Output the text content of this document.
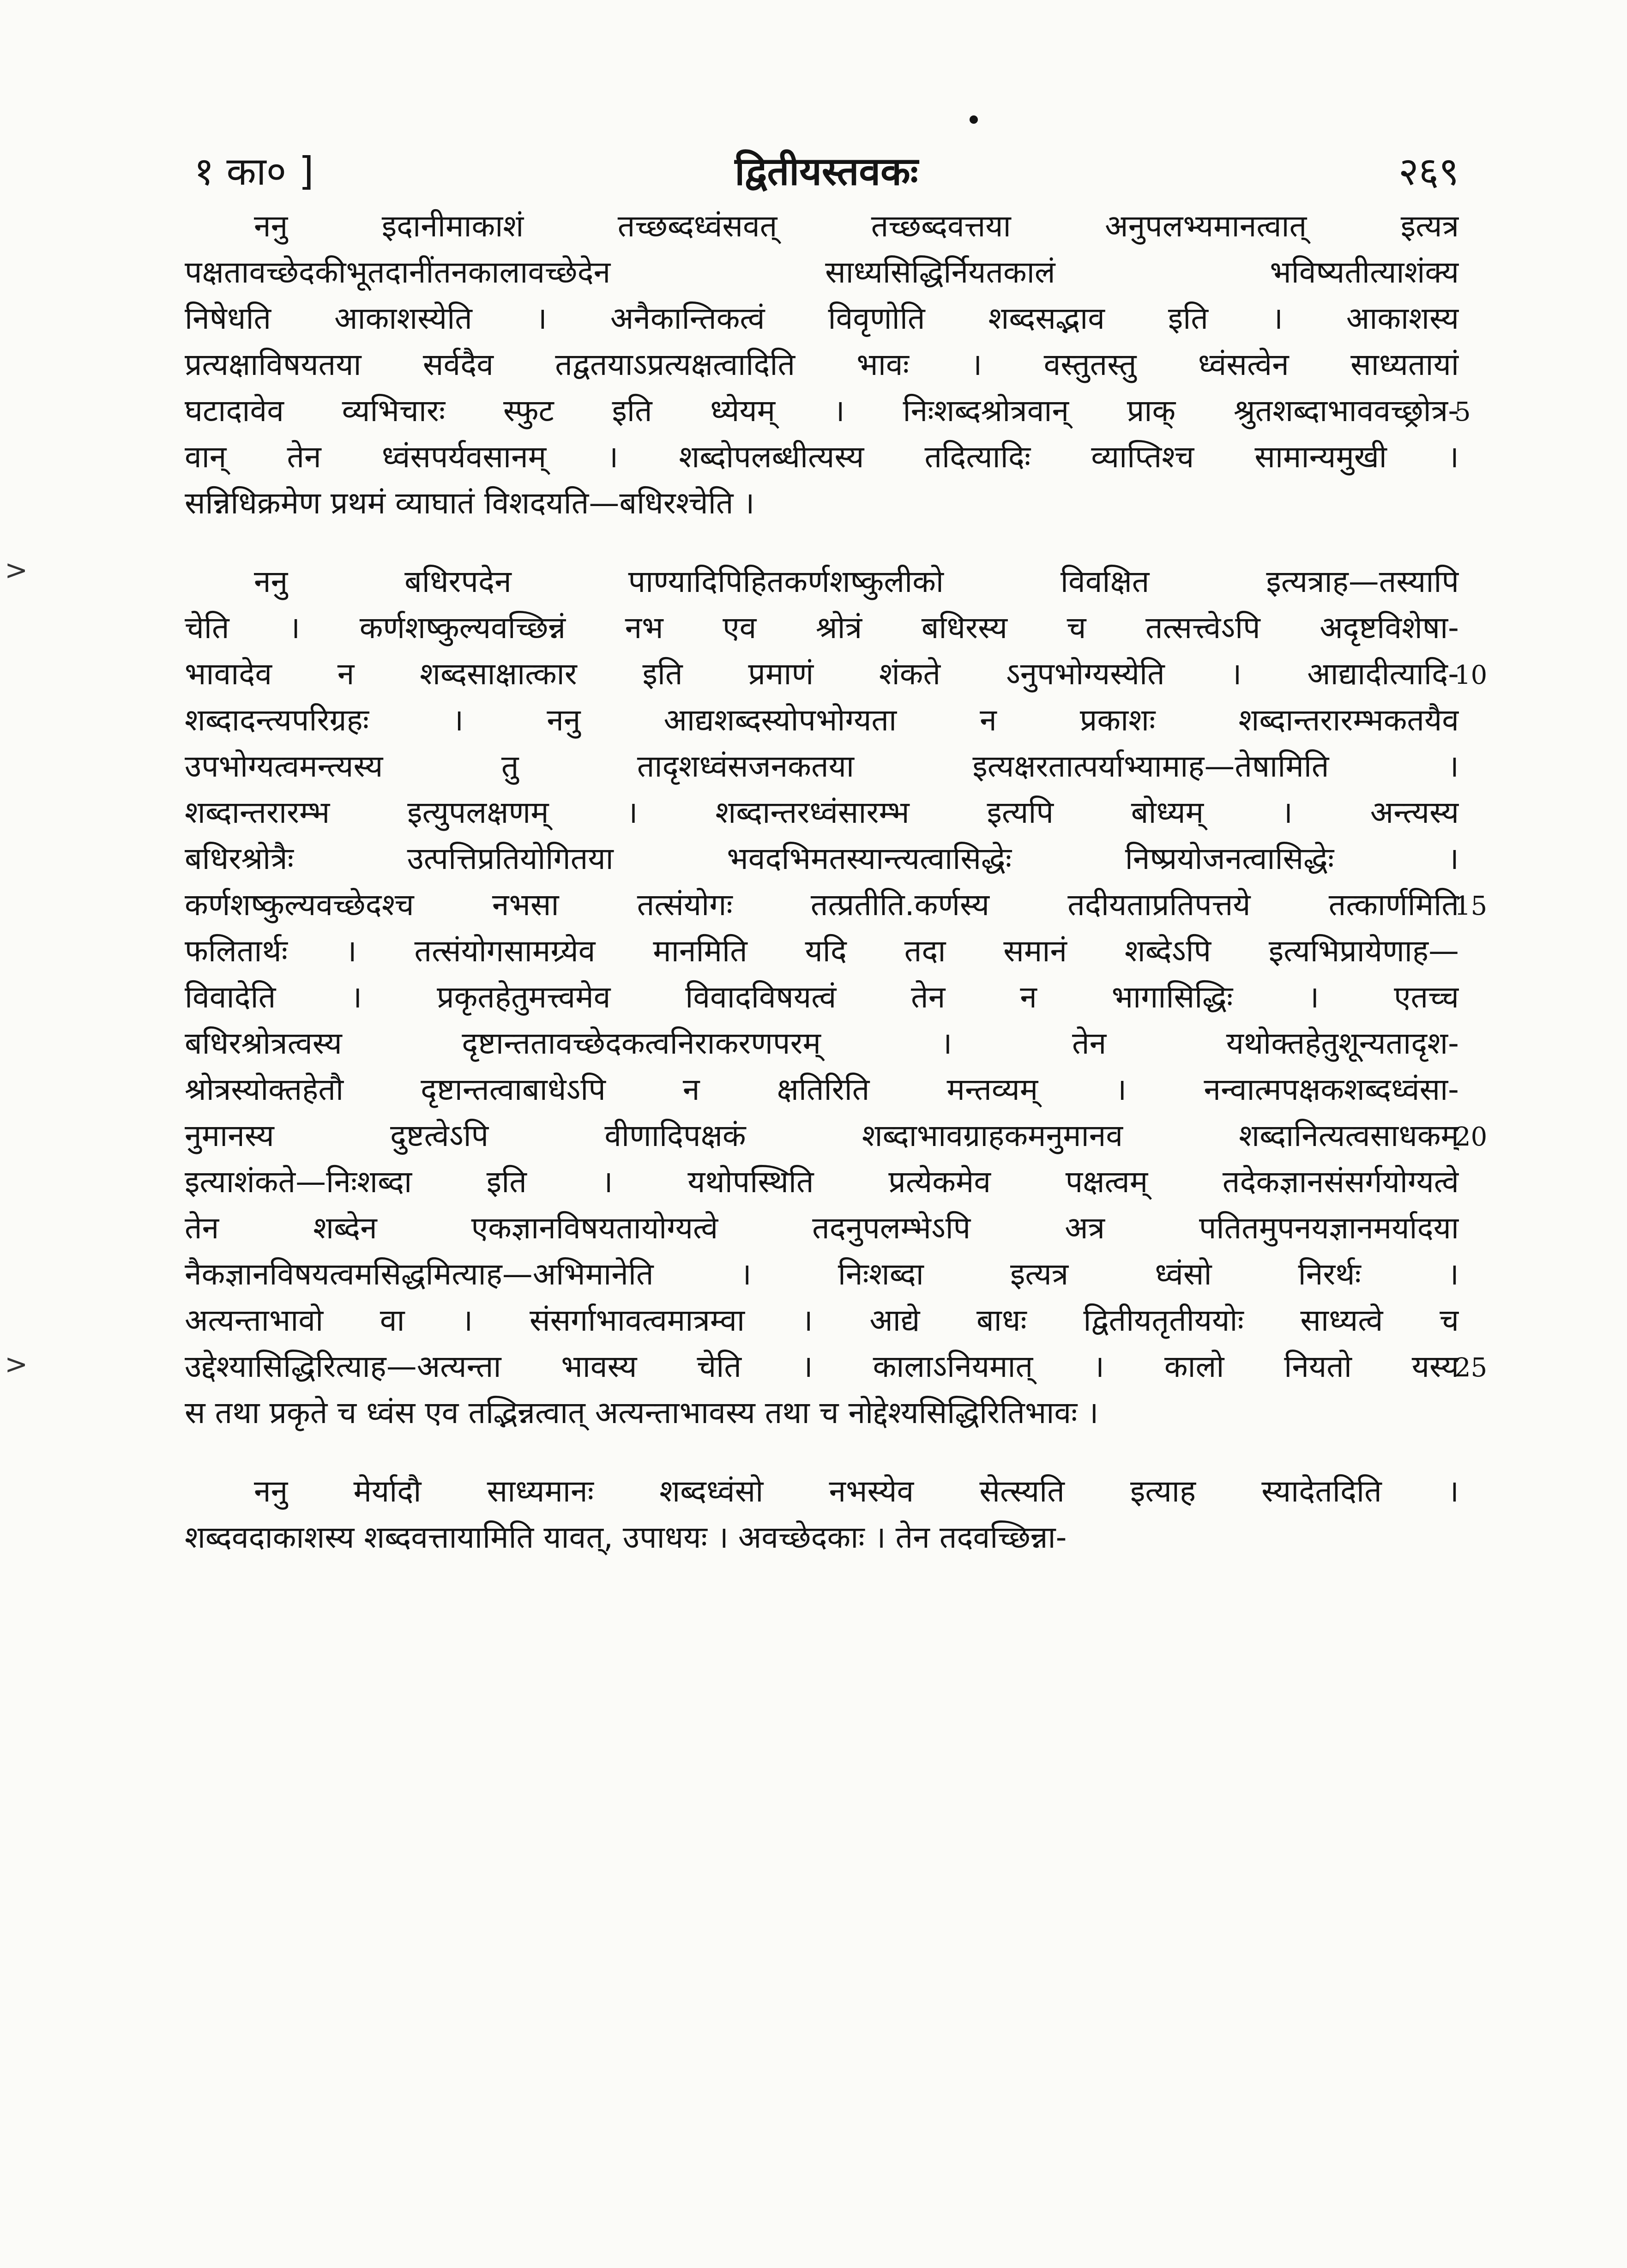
>
>
१ का० ]	द्वितीयस्तवकः	२६९
ननु इदानीमाकाशं तच्छब्दध्वंसवत् तच्छब्दवत्तया अनुपलभ्यमानत्वात् इत्यत्र
पक्षतावच्छेदकीभूतदानींतनकालावच्छेदेन साध्यसिद्धिर्नियतकालं भविष्यतीत्याशंक्य
निषेधति आकाशस्येति । अनैकान्तिकत्वं विवृणोति शब्दसद्भाव इति । आकाशस्य
प्रत्यक्षाविषयतया सर्वदैव तद्वतयाऽप्रत्यक्षत्वादिति भावः । वस्तुतस्तु ध्वंसत्वेन साध्यतायां
घटादावेव व्यभिचारः स्फुट इति ध्येयम् । निःशब्दश्रोत्रवान् प्राक् श्रुतशब्दाभाववच्छ्रोत्र-
वान् तेन ध्वंसपर्यवसानम् । शब्दोपलब्धीत्यस्य तदित्यादिः व्याप्तिश्च सामान्यमुखी ।
सन्निधिक्रमेण प्रथमं व्याघातं विशदयति—बधिरश्चेति ।
ननु बधिरपदेन पाण्यादिपिहितकर्णशष्कुलीको विवक्षित इत्यत्राह—तस्यापि
चेति । कर्णशष्कुल्यवच्छिन्नं नभ एव श्रोत्रं बधिरस्य च तत्सत्त्वेऽपि अदृष्टविशेषा-
भावादेव न शब्दसाक्षात्कार इति प्रमाणं शंकते ऽनुपभोग्यस्येति । आद्यादीत्यादि-
शब्दादन्त्यपरिग्रहः । ननु आद्यशब्दस्योपभोग्यता न प्रकाशः शब्दान्तरारम्भकतयैव
उपभोग्यत्वमन्त्यस्य तु तादृशध्वंसजनकतया इत्यक्षरतात्पर्याभ्यामाह—तेषामिति ।
शब्दान्तरारम्भ इत्युपलक्षणम् । शब्दान्तरध्वंसारम्भ इत्यपि बोध्यम् । अन्त्यस्य
बधिरश्रोत्रैः उत्पत्तिप्रतियोगितया भवदभिमतस्यान्त्यत्वासिद्धेः निष्प्रयोजनत्वासिद्धेः ।
कर्णशष्कुल्यवच्छेदश्च नभसा तत्संयोगः तत्प्रतीति.कर्णस्य तदीयताप्रतिपत्तये तत्कार्णमिति
फलितार्थः । तत्संयोगसामग्र्येव मानमिति यदि तदा समानं शब्देऽपि इत्यभिप्रायेणाह—
विवादेति । प्रकृतहेतुमत्त्वमेव विवादविषयत्वं तेन न भागासिद्धिः । एतच्च
बधिरश्रोत्रत्वस्य दृष्टान्ततावच्छेदकत्वनिराकरणपरम् । तेन यथोक्तहेतुशून्यतादृश-
श्रोत्रस्योक्तहेतौ दृष्टान्तत्वाबाधेऽपि न क्षतिरिति मन्तव्यम् । नन्वात्मपक्षकशब्दध्वंसा-
नुमानस्य दुष्टत्वेऽपि वीणादिपक्षकं शब्दाभावग्राहकमनुमानव शब्दानित्यत्वसाधकम्
इत्याशंकते—निःशब्दा इति । यथोपस्थिति प्रत्येकमेव पक्षत्वम् तदेकज्ञानसंसर्गयोग्यत्वे
तेन शब्देन एकज्ञानविषयतायोग्यत्वे तदनुपलम्भेऽपि अत्र पतितमुपनयज्ञानमर्यादया
नैकज्ञानविषयत्वमसिद्धमित्याह—अभिमानेति । निःशब्दा इत्यत्र ध्वंसो निरर्थः ।
अत्यन्ताभावो वा । संसर्गाभावत्वमात्रम्वा । आद्ये बाधः द्वितीयतृतीययोः साध्यत्वे च
उद्देश्यासिद्धिरित्याह—अत्यन्ता भावस्य चेति । कालाऽनियमात् । कालो नियतो यस्य
स तथा प्रकृते च ध्वंस एव तद्भिन्नत्वात् अत्यन्ताभावस्य तथा च नोद्देश्यसिद्धिरितिभावः ।
ननु मेर्यादौ साध्यमानः शब्दध्वंसो नभस्येव सेत्स्यति इत्याह स्यादेतदिति ।
शब्दवदाकाशस्य शब्दवत्तायामिति यावत्, उपाधयः । अवच्छेदकाः । तेन तदवच्छिन्ना-
5
10
15
20
25
